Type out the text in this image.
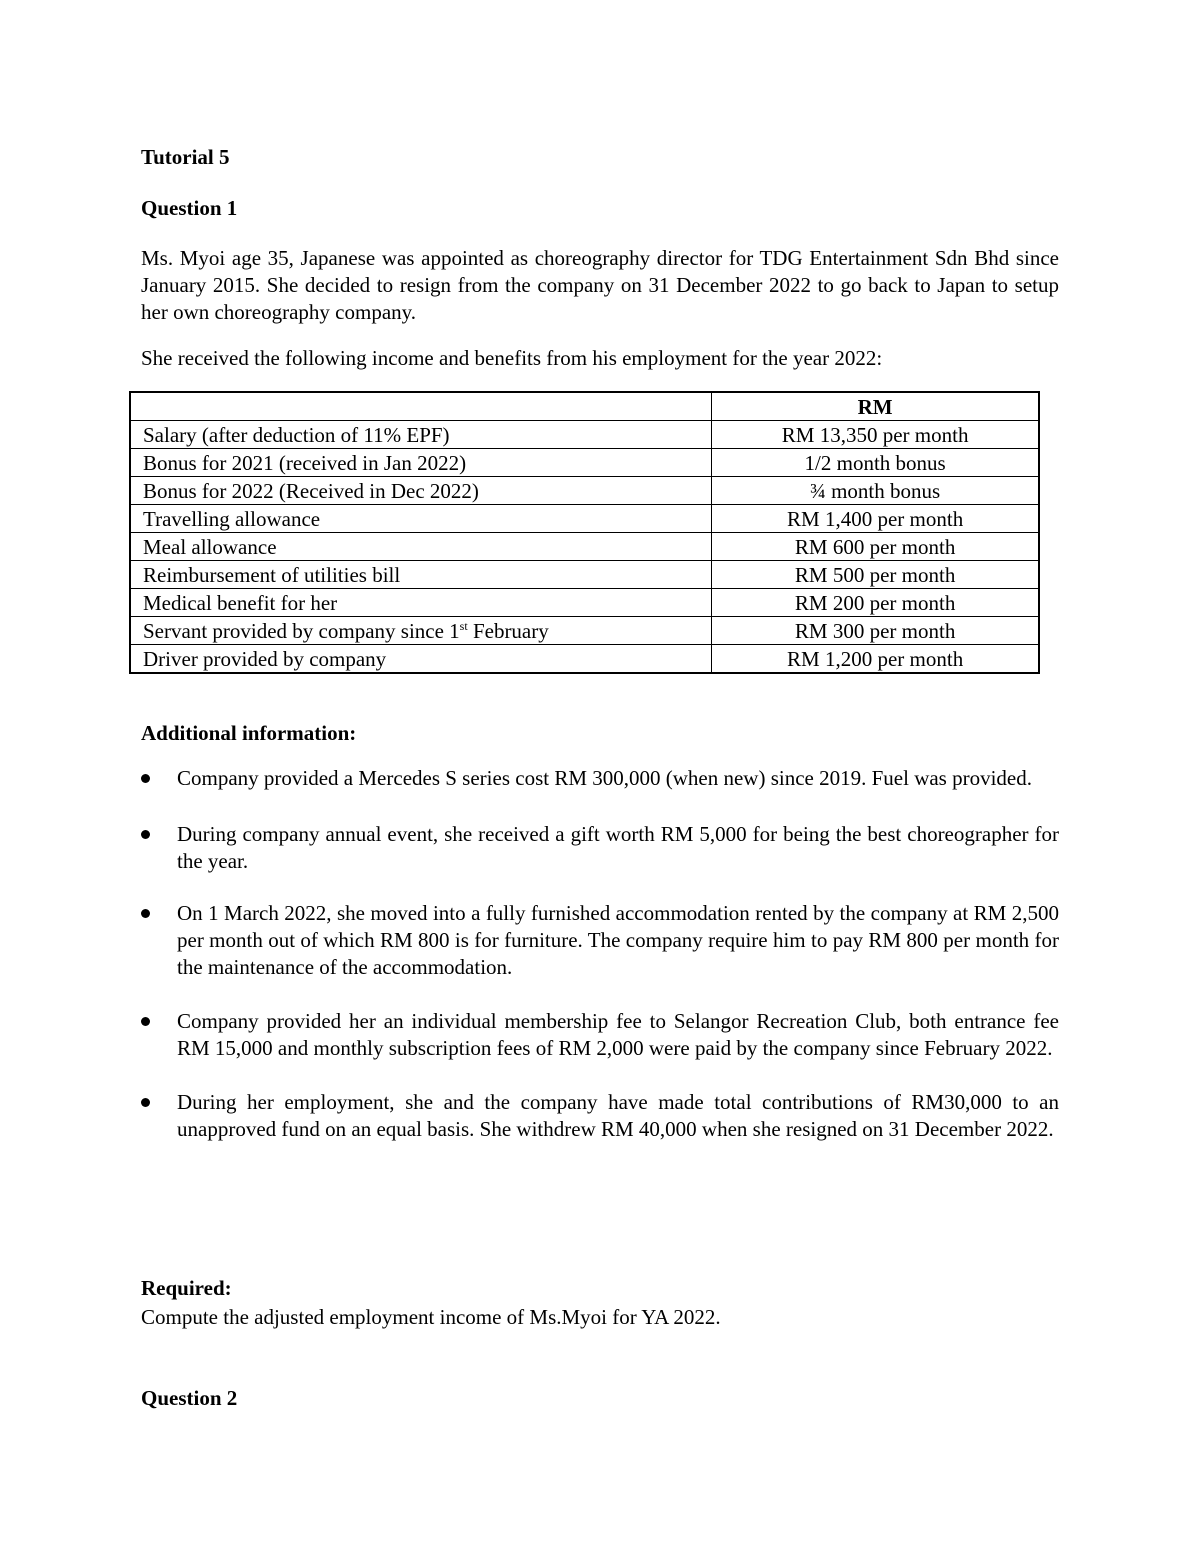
Tutorial 5
Question 1
Ms. Myoi age 35, Japanese was appointed as choreography director for TDG Entertainment Sdn Bhd since January 2015. She decided to resign from the company on 31 December 2022 to go back to Japan to setup her own choreography company.
She received the following income and benefits from his employment for the year 2022:
	RM
Salary (after deduction of 11% EPF)	RM 13,350 per month
Bonus for 2021 (received in Jan 2022)	1/2 month bonus
Bonus for 2022 (Received in Dec 2022)	¾ month bonus
Travelling allowance	RM 1,400 per month
Meal allowance	RM 600 per month
Reimbursement of utilities bill	RM 500 per month
Medical benefit for her	RM 200 per month
Servant provided by company since 1st February	RM 300 per month
Driver provided by company	RM 1,200 per month
Additional information:
Company provided a Mercedes S series cost RM 300,000 (when new) since 2019. Fuel was provided.
During company annual event, she received a gift worth RM 5,000 for being the best choreographer for the year.
On 1 March 2022, she moved into a fully furnished accommodation rented by the company at RM 2,500 per month out of which RM 800 is for furniture. The company require him to pay RM 800 per month for the maintenance of the accommodation.
Company provided her an individual membership fee to Selangor Recreation Club, both entrance fee RM 15,000 and monthly subscription fees of RM 2,000 were paid by the company since February 2022.
During her employment, she and the company have made total contributions of RM30,000 to an unapproved fund on an equal basis. She withdrew RM 40,000 when she resigned on 31 December 2022.
Required:
Compute the adjusted employment income of Ms.Myoi for YA 2022.
Question 2
